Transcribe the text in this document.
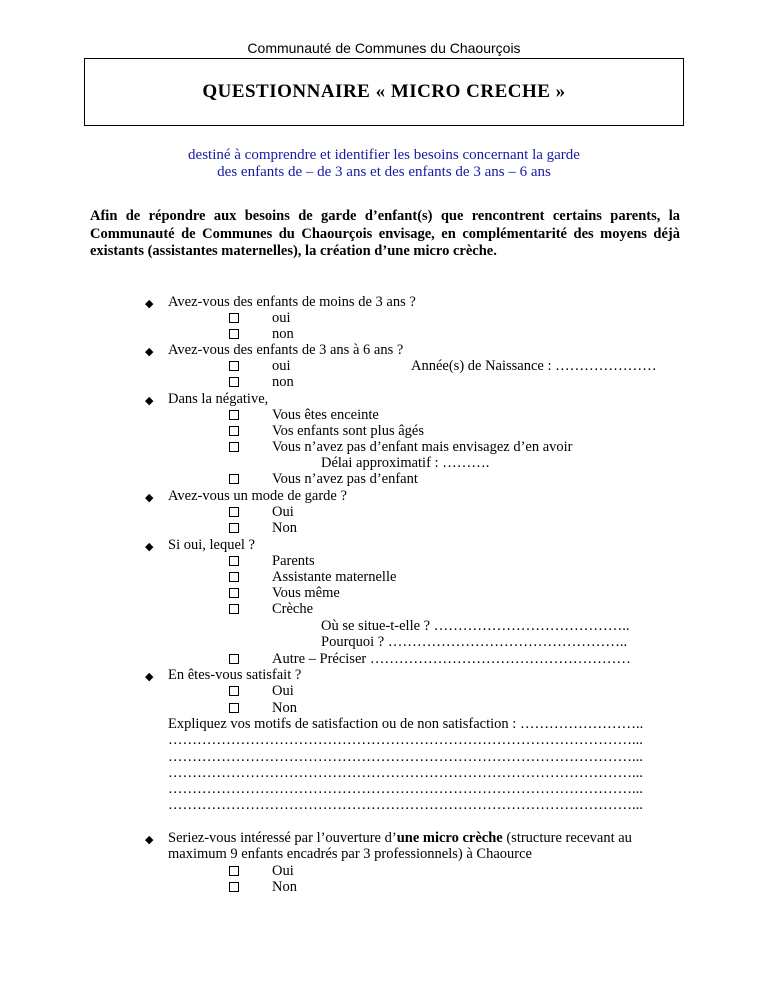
Communauté de Communes du Chaourçois
QUESTIONNAIRE « MICRO CRECHE »
destiné à comprendre et identifier les besoins concernant la garde
des enfants de – de 3 ans et des enfants de 3 ans – 6 ans
Afin de répondre aux besoins de garde d’enfant(s) que rencontrent certains parents, la Communauté de Communes du Chaourçois envisage, en complémentarité des moyens déjà existants (assistantes maternelles), la création d’une micro crèche.
◆ Avez-vous des enfants de moins de 3 ans ?
oui
non
◆ Avez-vous des enfants de 3 ans à 6 ans ?
oui	Année(s) de Naissance : …………………
non
◆ Dans la négative,
Vous êtes enceinte
Vos enfants sont plus âgés
Vous n’avez pas d’enfant mais envisagez d’en avoir
Délai approximatif : ……….
Vous n’avez pas d’enfant
◆ Avez-vous un mode de garde ?
Oui
Non
◆ Si oui, lequel ?
Parents
Assistante maternelle
Vous même
Crèche
Où se situe-t-elle ? …………………………………..
Pourquoi ? …………………………………………..
Autre – Préciser ………………………………………………
◆ En êtes-vous satisfait ?
Oui
Non
Expliquez vos motifs de satisfaction ou de non satisfaction : ……………………..
……………………………………………………………………………………...
……………………………………………………………………………………...
……………………………………………………………………………………...
……………………………………………………………………………………...
……………………………………………………………………………………...
◆ Seriez-vous intéressé par l’ouverture d’une micro crèche (structure recevant au
maximum 9 enfants encadrés par 3 professionnels) à Chaource
Oui
Non
